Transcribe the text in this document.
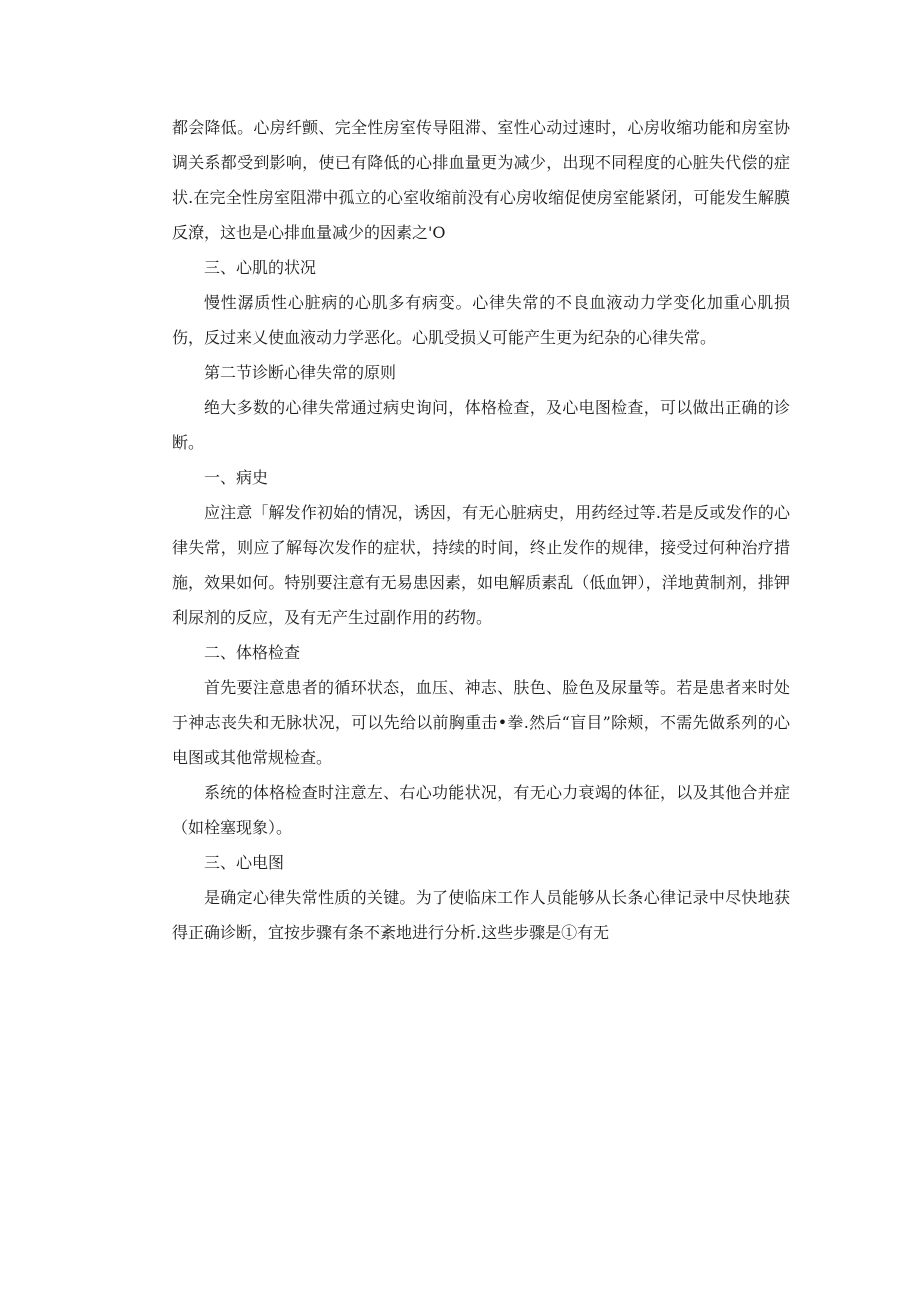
都会降低。心房纤颤、完全性房室传导阻滞、室性心动过速时，心房收缩功能和房室协调关系都受到影响，使已有降低的心排血量更为减少，出现不同程度的心脏失代偿的症状.在完全性房室阻滞中孤立的心室收缩前没有心房收缩促使房室能紧闭，可能发生解膜反潦，这也是心排血量减少的因素之'O

三、心肌的状况

慢性潺质性心脏病的心肌多有病变。心律失常的不良血液动力学变化加重心肌损伤，反过来乂使血液动力学恶化。心肌受损乂可能产生更为纪杂的心律失常。

第二节诊断心律失常的原则

绝大多数的心律失常通过病史询问，体格检查，及心电图检查，可以做出正确的诊断。

一、病史

应注意「解发作初始的情况，诱因，有无心脏病史，用药经过等.若是反或发作的心律失常，则应了解每次发作的症状，持续的时间，终止发作的规律，接受过何种治疗措施，效果如何。特别要注意有无易患因素，如电解质素乱（低血钾），洋地黄制剂，排钾利尿剂的反应，及有无产生过副作用的药物。

二、体格检查

首先要注意患者的循环状态，血压、神志、肤色、脸色及尿量等。若是患者来时处于神志丧失和无脉状况，可以先给以前胸重击•拳.然后“盲目”除颊，不需先做系列的心电图或其他常规检查。

系统的体格检查时注意左、右心功能状况，有无心力衰竭的体征，以及其他合并症（如栓塞现象）。

三、心电图

是确定心律失常性质的关键。为了使临床工作人员能够从长条心律记录中尽快地获得正确诊断，宜按步骤有条不紊地进行分析.这些步骤是①有无
